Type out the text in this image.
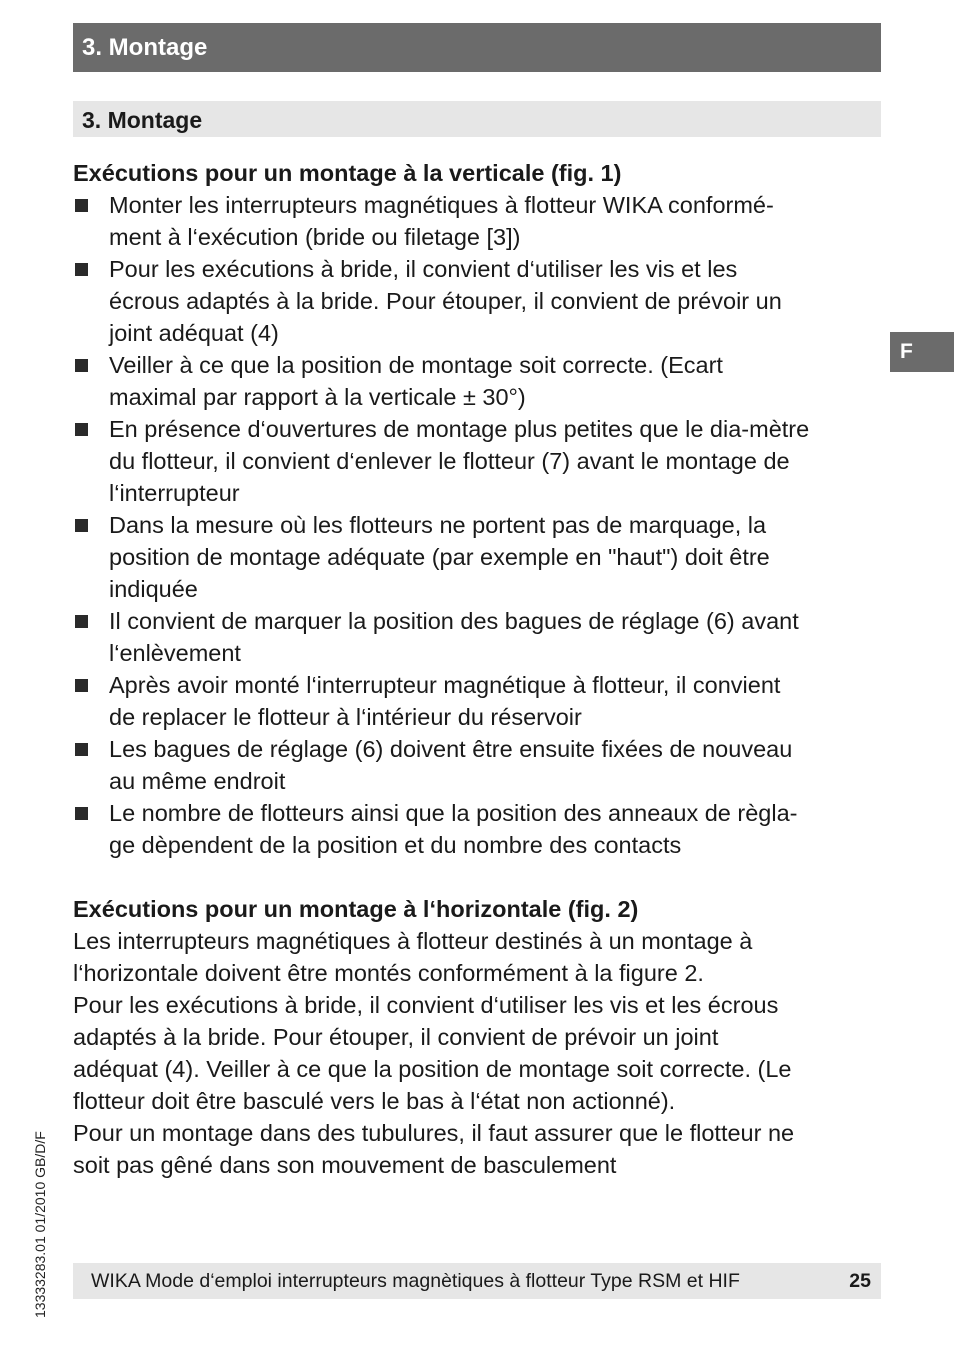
3. Montage
3. Montage
F

Exécutions pour un montage à la verticale (fig. 1)

Monter les interrupteurs magnétiques à flotteur WIKA conformé-
ment à l‘exécution (bride ou filetage [3])
Pour les exécutions à bride, il convient d‘utiliser les vis et les
écrous adaptés à la bride. Pour étouper, il convient de prévoir un
joint adéquat (4)
Veiller à ce que la position de montage soit correcte. (Ecart
maximal par rapport à la verticale ± 30°)
En présence d‘ouvertures de montage plus petites que le dia-mètre
du flotteur, il convient d‘enlever le flotteur (7) avant le montage de
l‘interrupteur
Dans la mesure où les flotteurs ne portent pas de marquage, la
position de montage adéquate (par exemple en "haut") doit être
indiquée
Il convient de marquer la position des bagues de réglage (6) avant
l‘enlèvement
Après avoir monté l‘interrupteur magnétique à flotteur, il convient
de replacer le flotteur à l‘intérieur du réservoir
Les bagues de réglage (6) doivent être ensuite fixées de nouveau
au même endroit
Le nombre de flotteurs ainsi que la position des anneaux de règla-
ge dèpendent de la position et du nombre des contacts

Exécutions pour un montage à l‘horizontale (fig. 2)

Les interrupteurs magnétiques à flotteur destinés à un montage à
l‘horizontale doivent être montés conformément à la figure 2.
Pour les exécutions à bride, il convient d‘utiliser les vis et les écrous
adaptés à la bride. Pour étouper, il convient de prévoir un joint
adéquat (4). Veiller à ce que la position de montage soit correcte. (Le
flotteur doit être basculé vers le bas à l‘état non actionné).
Pour un montage dans des tubulures, il faut assurer que le flotteur ne
soit pas gêné dans son mouvement de basculement
13333283.01 01/2010 GB/D/F WIKA Mode d‘emploi interrupteurs magnètiques à flotteur Type RSM et HIF	25
